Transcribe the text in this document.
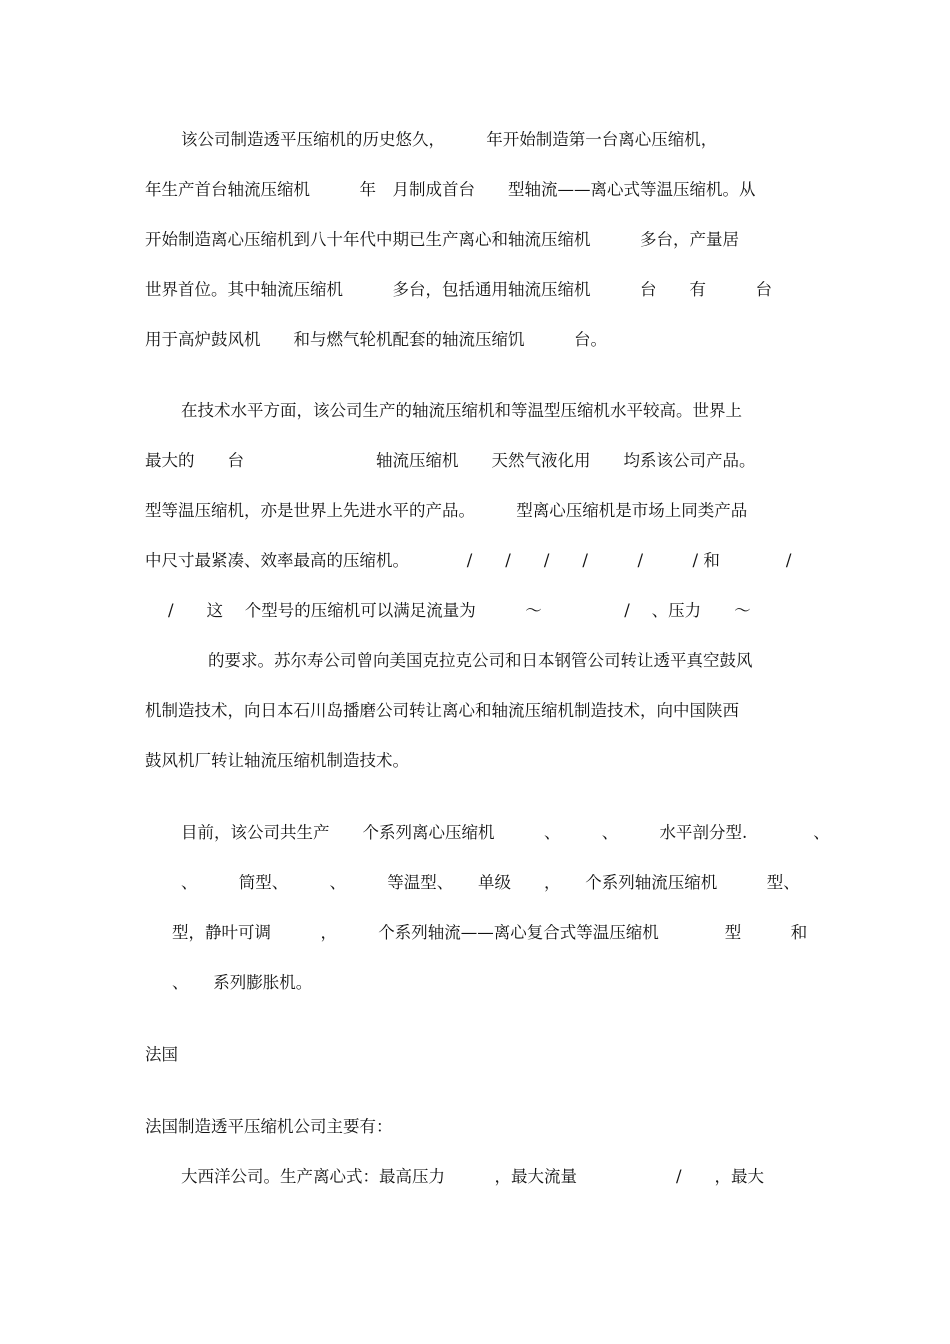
该公司制造透平压缩机的历史悠久，　　　年开始制造第一台离心压缩机，

年生产首台轴流压缩机　　　年　月制成首台　　型轴流——离心式等温压缩机。从

开始制造离心压缩机到八十年代中期已生产离心和轴流压缩机　　　多台，产量居

世界首位。其中轴流压缩机　　　多台，包括通用轴流压缩机　　　台　　有　　　台

用于高炉鼓风机　　和与燃气轮机配套的轴流压缩饥　　　台。

在技术水平方面，该公司生产的轴流压缩机和等温型压缩机水平较高。世界上

最大的　　台　　　　　　　　轴流压缩机　　天然气液化用　　均系该公司产品。

型等温压缩机，亦是世界上先进水平的产品。　　　型离心压缩机是市场上同类产品

中尺寸最紧凑、效率最高的压缩机。　　　　/　　/　　/　　/　　　/　　　/ 和　　　　/

/　　这　 个型号的压缩机可以满足流量为　　　～　　　　　/　 、压力　　～

的要求。苏尔寿公司曾向美国克拉克公司和日本钢管公司转让透平真空鼓风

机制造技术，向日本石川岛播磨公司转让离心和轴流压缩机制造技术，向中国陕西

鼓风机厂转让轴流压缩机制造技术。

目前，该公司共生产　　个系列离心压缩机　　　、　　　、　　　水平剖分型.　　　　、

、　　　筒型、　　　、　　　等温型、　　单级　　，　　个系列轴流压缩机　　　型、

型，静叶可调　　　，　　　个系列轴流——离心复合式等温压缩机　　　　型　　　和

、　　系列膨胀机。

法国

法国制造透平压缩机公司主要有：

大西洋公司。生产离心式：最高压力　　　，最大流量　　　　　　/　　，最大
